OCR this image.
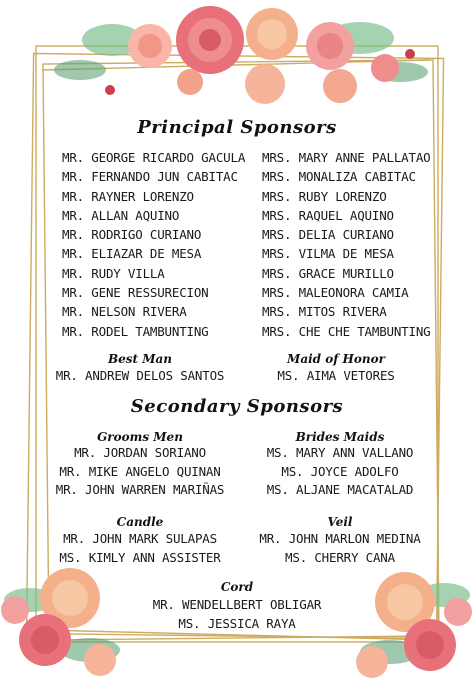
Principal Sponsors
MR. GEORGE RICARDO GACULA
MR. FERNANDO JUN CABITAC
MR. RAYNER LORENZO
MR. ALLAN AQUINO
MR. RODRIGO CURIANO
MR. ELIAZAR DE MESA
MR. RUDY VILLA
MR. GENE RESSURECION
MR. NELSON RIVERA
MR. RODEL TAMBUNTING
MRS. MARY ANNE PALLATAO
MRS. MONALIZA CABITAC
MRS. RUBY LORENZO
MRS. RAQUEL AQUINO
MRS. DELIA CURIANO
MRS. VILMA DE MESA
MRS. GRACE MURILLO
MRS. MALEONORA CAMIA
MRS. MITOS RIVERA
MRS. CHE CHE TAMBUNTING
Best Man
MR. ANDREW DELOS SANTOS
Maid of Honor
MS. AIMA VETORES
Secondary Sponsors
Grooms Men
MR. JORDAN SORIANO
MR. MIKE ANGELO QUINAN
MR. JOHN WARREN MARIÑAS
Brides Maids
MS. MARY ANN VALLANO
MS. JOYCE ADOLFO
MS. ALJANE MACATALAD
Candle
MR. JOHN MARK SULAPAS
MS. KIMLY ANN ASSISTER
Veil
MR. JOHN MARLON MEDINA
MS. CHERRY CANA
Cord
MR. WENDELLBERT OBLIGAR
MS. JESSICA RAYA
